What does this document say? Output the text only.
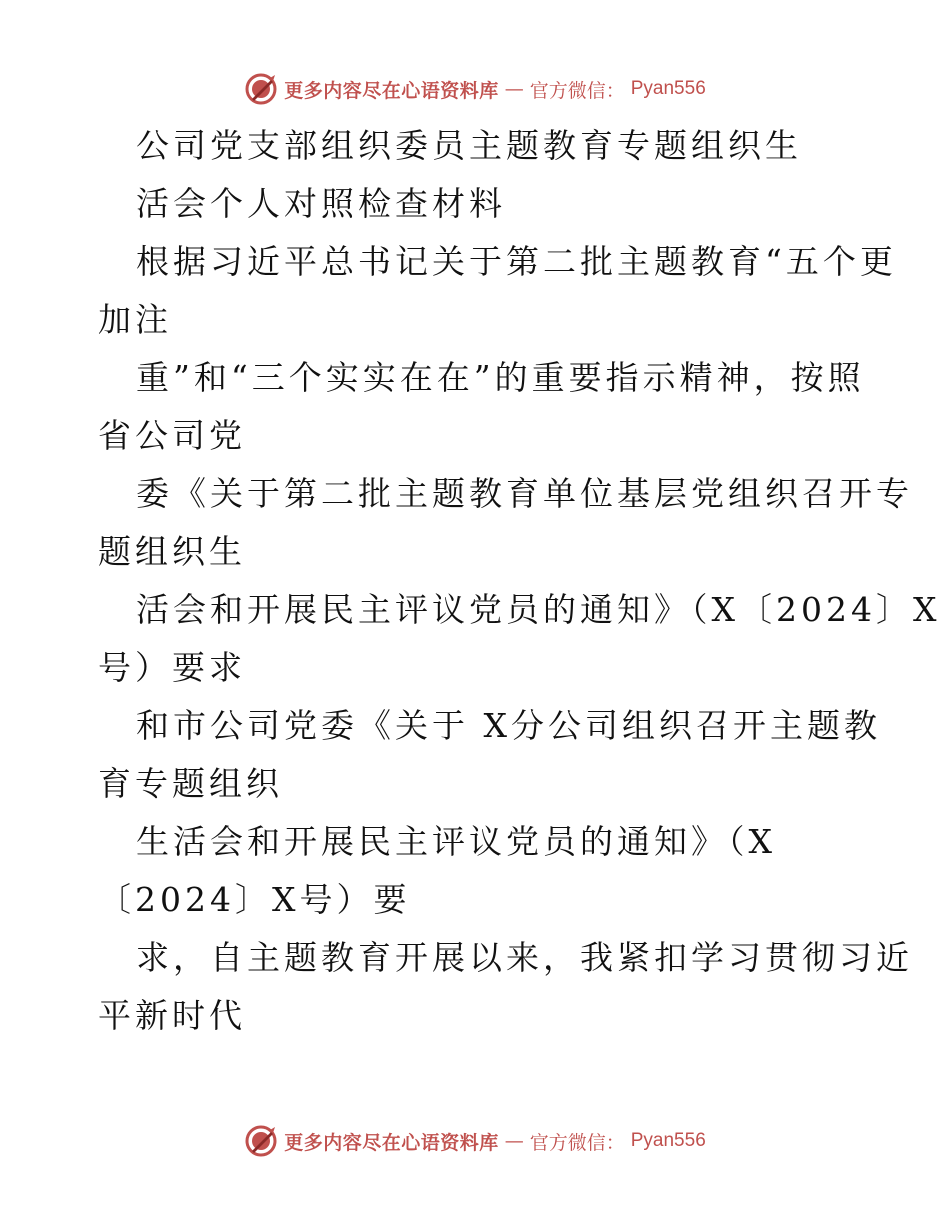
更多内容尽在心语资料库 — 官方微信： Pyan556
公司党支部组织委员主题教育专题组织生
活会个人对照检查材料
根据习近平总书记关于第二批主题教育“五个更
加注
重”和“三个实实在在”的重要指示精神，按照
省公司党
委《关于第二批主题教育单位基层党组织召开专
题组织生
活会和开展民主评议党员的通知》（X〔2024〕X
号）要求
和市公司党委《关于 X分公司组织召开主题教
育专题组织
生活会和开展民主评议党员的通知》（X
〔2024〕X号）要
求，自主题教育开展以来，我紧扣学习贯彻习近
平新时代
更多内容尽在心语资料库 — 官方微信： Pyan556
